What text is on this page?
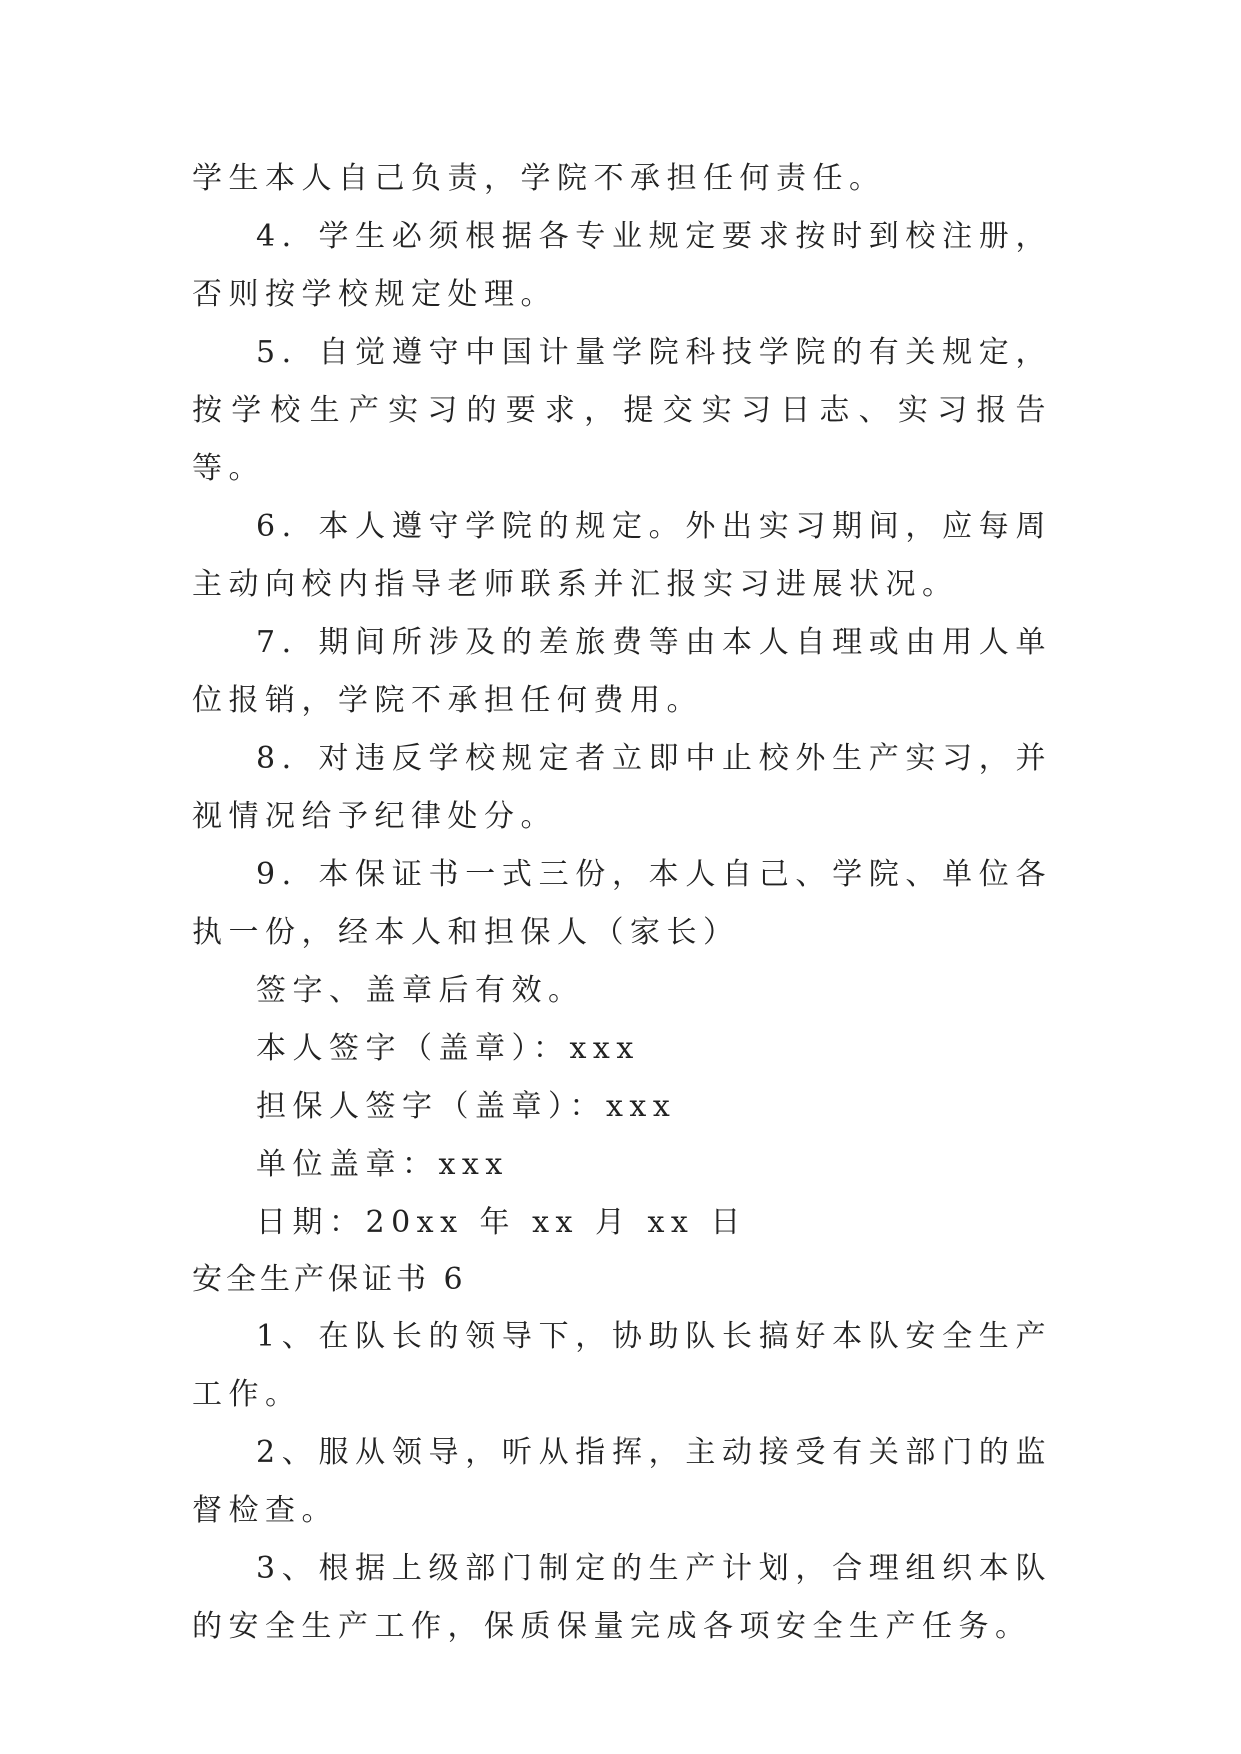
学生本人自己负责，学院不承担任何责任。

4．学生必须根据各专业规定要求按时到校注册，否则按学校规定处理。

5．自觉遵守中国计量学院科技学院的有关规定，按学校生产实习的要求，提交实习日志、实习报告等。

6．本人遵守学院的规定。外出实习期间，应每周主动向校内指导老师联系并汇报实习进展状况。

7．期间所涉及的差旅费等由本人自理或由用人单位报销，学院不承担任何费用。

8．对违反学校规定者立即中止校外生产实习，并视情况给予纪律处分。

9．本保证书一式三份，本人自己、学院、单位各执一份，经本人和担保人（家长）

签字、盖章后有效。

本人签字（盖章）：xxx

担保人签字（盖章）：xxx

单位盖章：xxx

日期：20xx 年 xx 月 xx 日

安全生产保证书 6

1、在队长的领导下，协助队长搞好本队安全生产工作。

2、服从领导，听从指挥，主动接受有关部门的监督检查。

3、根据上级部门制定的生产计划，合理组织本队的安全生产工作，保质保量完成各项安全生产任务。
